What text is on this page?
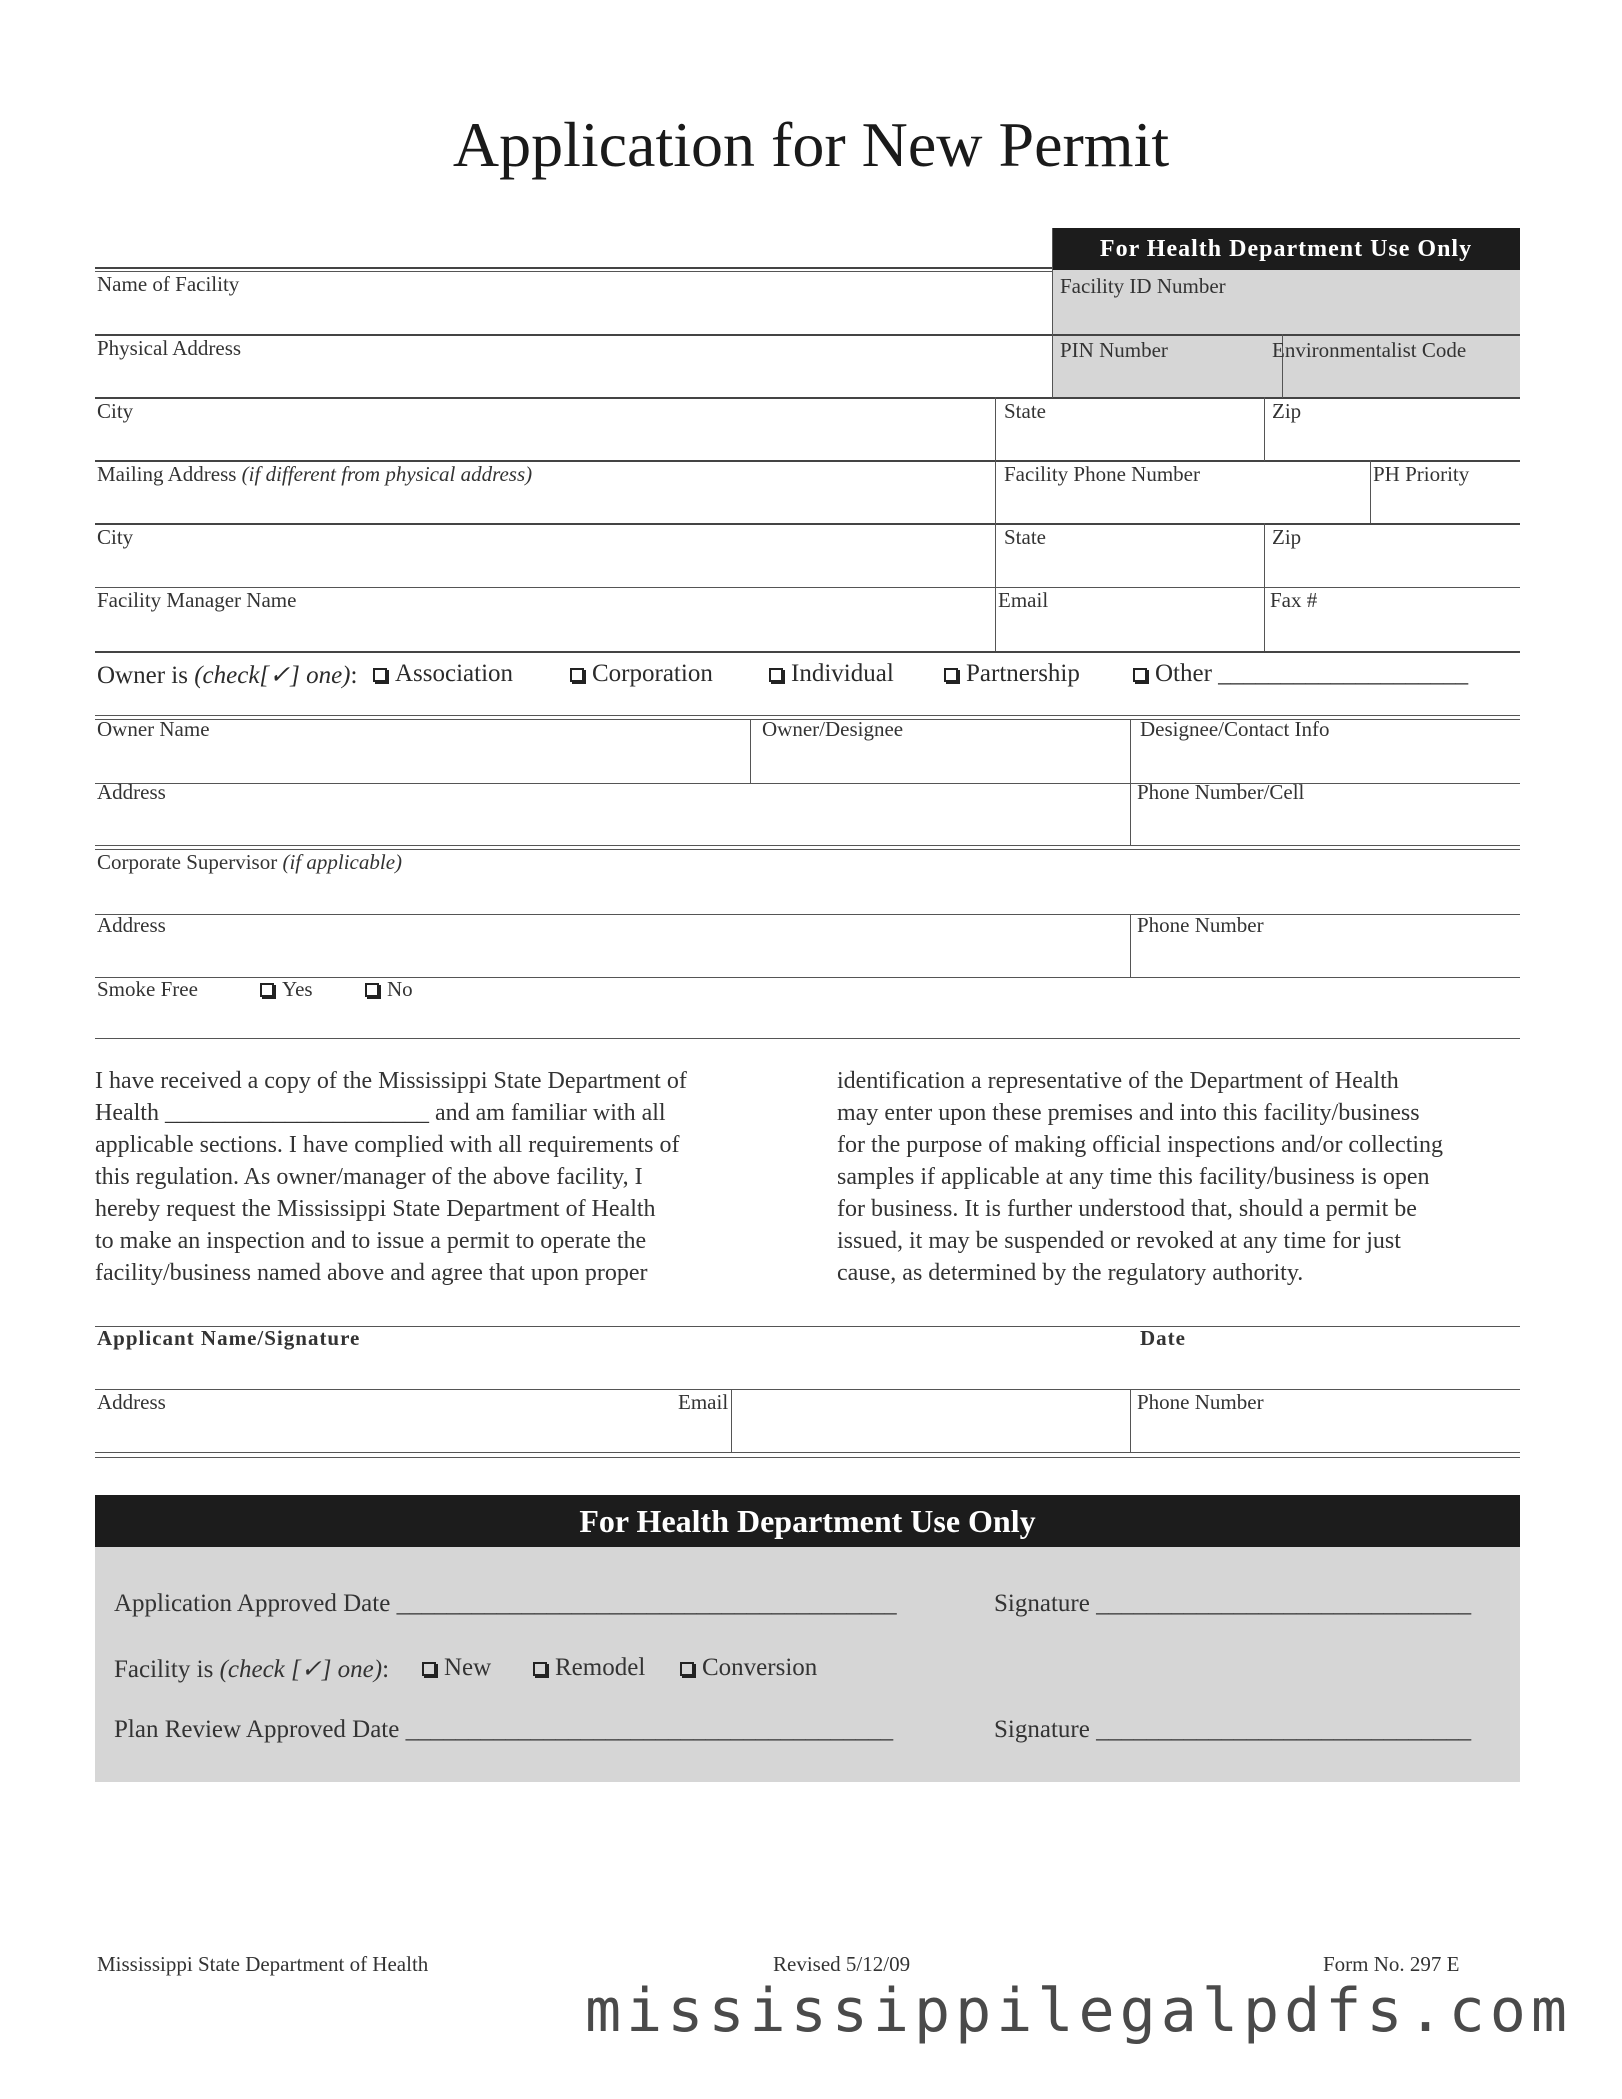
Application for New Permit
For Health Department Use Only
Name of Facility	Facility ID Number
Physical Address	PIN Number	Environmentalist Code
City	State	Zip
Mailing Address (if different from physical address)	Facility Phone Number	PH Priority
City	State	Zip
Facility Manager Name	Email	Fax #
Owner is (check[✓] one):	Association	Corporation	Individual	Partnership	Other ____________________
Owner Name	Owner/Designee	Designee/Contact Info
Address	Phone Number/Cell
Corporate Supervisor (if applicable)
Address	Phone Number
Smoke Free	Yes	No

I have received a copy of the Mississippi State Department of

Health ______________________ and am familiar with all

applicable sections. I have complied with all requirements of

this regulation. As owner/manager of the above facility, I

hereby request the Mississippi State Department of Health

to make an inspection and to issue a permit to operate the

facility/business named above and agree that upon proper

identification a representative of the Department of Health

may enter upon these premises and into this facility/business

for the purpose of making official inspections and/or collecting

samples if applicable at any time this facility/business is open

for business. It is further understood that, should a permit be

issued, it may be suspended or revoked at any time for just

cause, as determined by the regulatory authority.

Applicant Name/Signature	Date
Address	Email	Phone Number
For Health Department Use Only
Application Approved Date ________________________________________	Signature ______________________________
Facility is (check [✓] one):	New	Remodel	Conversion
Plan Review Approved Date _______________________________________	Signature ______________________________
Mississippi State Department of Health	Revised 5/12/09	Form No. 297 E
mississippilegalpdfs.com
